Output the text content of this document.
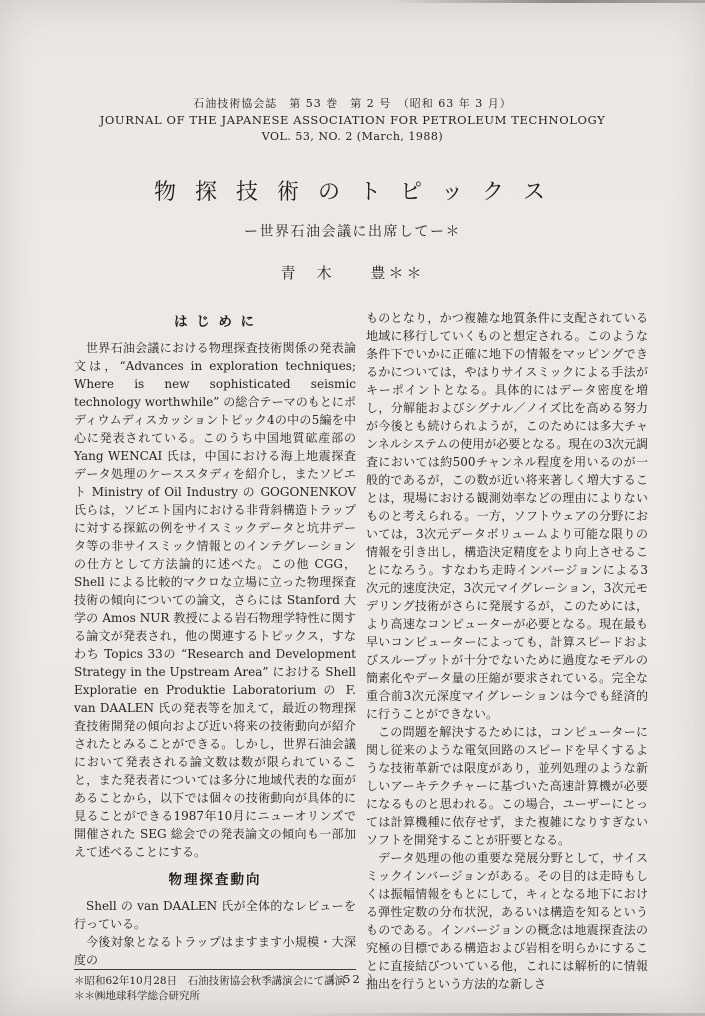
石油技術協会誌　第 53 巻　第 2 号　（昭和 63 年 3 月）
JOURNAL OF THE JAPANESE ASSOCIATION FOR PETROLEUM TECHNOLOGY
VOL. 53, NO. 2 (March, 1988)
物 探 技 術 の ト ピ ッ ク ス
ー世界石油会議に出席してー＊
青　木　　豊＊＊
は じ め に

世界石油会議における物理探査技術関係の発表論文は，“Advances in exploration techniques; Where is new sophisticated seismic technology worthwhile” の総合テーマのもとにポディウムディスカッショントピック4の中の5編を中心に発表されている。このうち中国地質砿産部の Yang WENCAI 氏は，中国における海上地震探査データ処理のケーススタディを紹介し，またソビエト Ministry of Oil Industry の GOGONENKOV 氏らは，ソビエト国内における非背斜構造トラップに対する探鉱の例をサイスミックデータと坑井データ等の非サイスミック情報とのインテグレーションの仕方として方法論的に述べた。この他 CGG，Shell による比較的マクロな立場に立った物理探査技術の傾向についての論文，さらには Stanford 大学の Amos NUR 教授による岩石物理学特性に関する論文が発表され，他の関連するトピックス，すなわち Topics 33の “Research and Development Strategy in the Upstream Area” における Shell Exploratie en Produktie Laboratorium の F. van DAALEN 氏の発表等を加えて，最近の物理探査技術開発の傾向および近い将来の技術動向が紹介されたとみることができる。しかし，世界石油会議において発表される論文数は数が限られていること，また発表者については多分に地域代表的な面があることから，以下では個々の技術動向が具体的に見ることができる1987年10月にニューオリンズで開催された SEG 総会での発表論文の傾向も一部加えて述べることにする。

物理探査動向

Shell の van DAALEN 氏が全体的なレビューを行っている。

今後対象となるトラップはますます小規模・大深度の

＊昭和62年10月28日　石油技術協会秋季講演会にて講演
＊＊㈱地球科学総合研究所

ものとなり，かつ複雑な地質条件に支配されている地域に移行していくものと想定される。このような条件下でいかに正確に地下の情報をマッピングできるかについては，やはりサイスミックによる手法がキーポイントとなる。具体的にはデータ密度を増し，分解能およびシグナル／ノイズ比を高める努力が今後とも続けられようが，このためには多大チャンネルシステムの使用が必要となる。現在の3次元調査においては約500チャンネル程度を用いるのが一般的であるが，この数が近い将来著しく増大することは，現場における観測効率などの理由によりないものと考えられる。一方，ソフトウェアの分野においては，3次元データボリュームより可能な限りの情報を引き出し，構造決定精度をより向上させることになろう。すなわち走時インバージョンによる3次元的速度決定，3次元マイグレーション，3次元モデリング技術がさらに発展するが，このためには，より高速なコンピューターが必要となる。現在最も早いコンピューターによっても，計算スピードおよびスループットが十分でないために過度なモデルの簡素化やデータ量の圧縮が要求されている。完全な重合前3次元深度マイグレーションは今でも経済的に行うことができない。

この問題を解決するためには，コンピューターに関し従来のような電気回路のスピードを早くするような技術革新では限度があり，並列処理のような新しいアーキテクチャーに基づいた高速計算機が必要になるものと思われる。この場合，ユーザーにとっては計算機種に依存せず，また複雑になりすぎないソフトを開発することが肝要となる。

データ処理の他の重要な発展分野として，サイスミックインバージョンがある。その目的は走時もしくは振幅情報をもとにして，キィとなる地下における弾性定数の分布状況，あるいは構造を知るというものである。インバージョンの概念は地震探査法の究極の目標である構造および岩相を明らかにすることに直接結びついている他，これには解析的に情報抽出を行うという方法的な新しさ

（ 52 ）
